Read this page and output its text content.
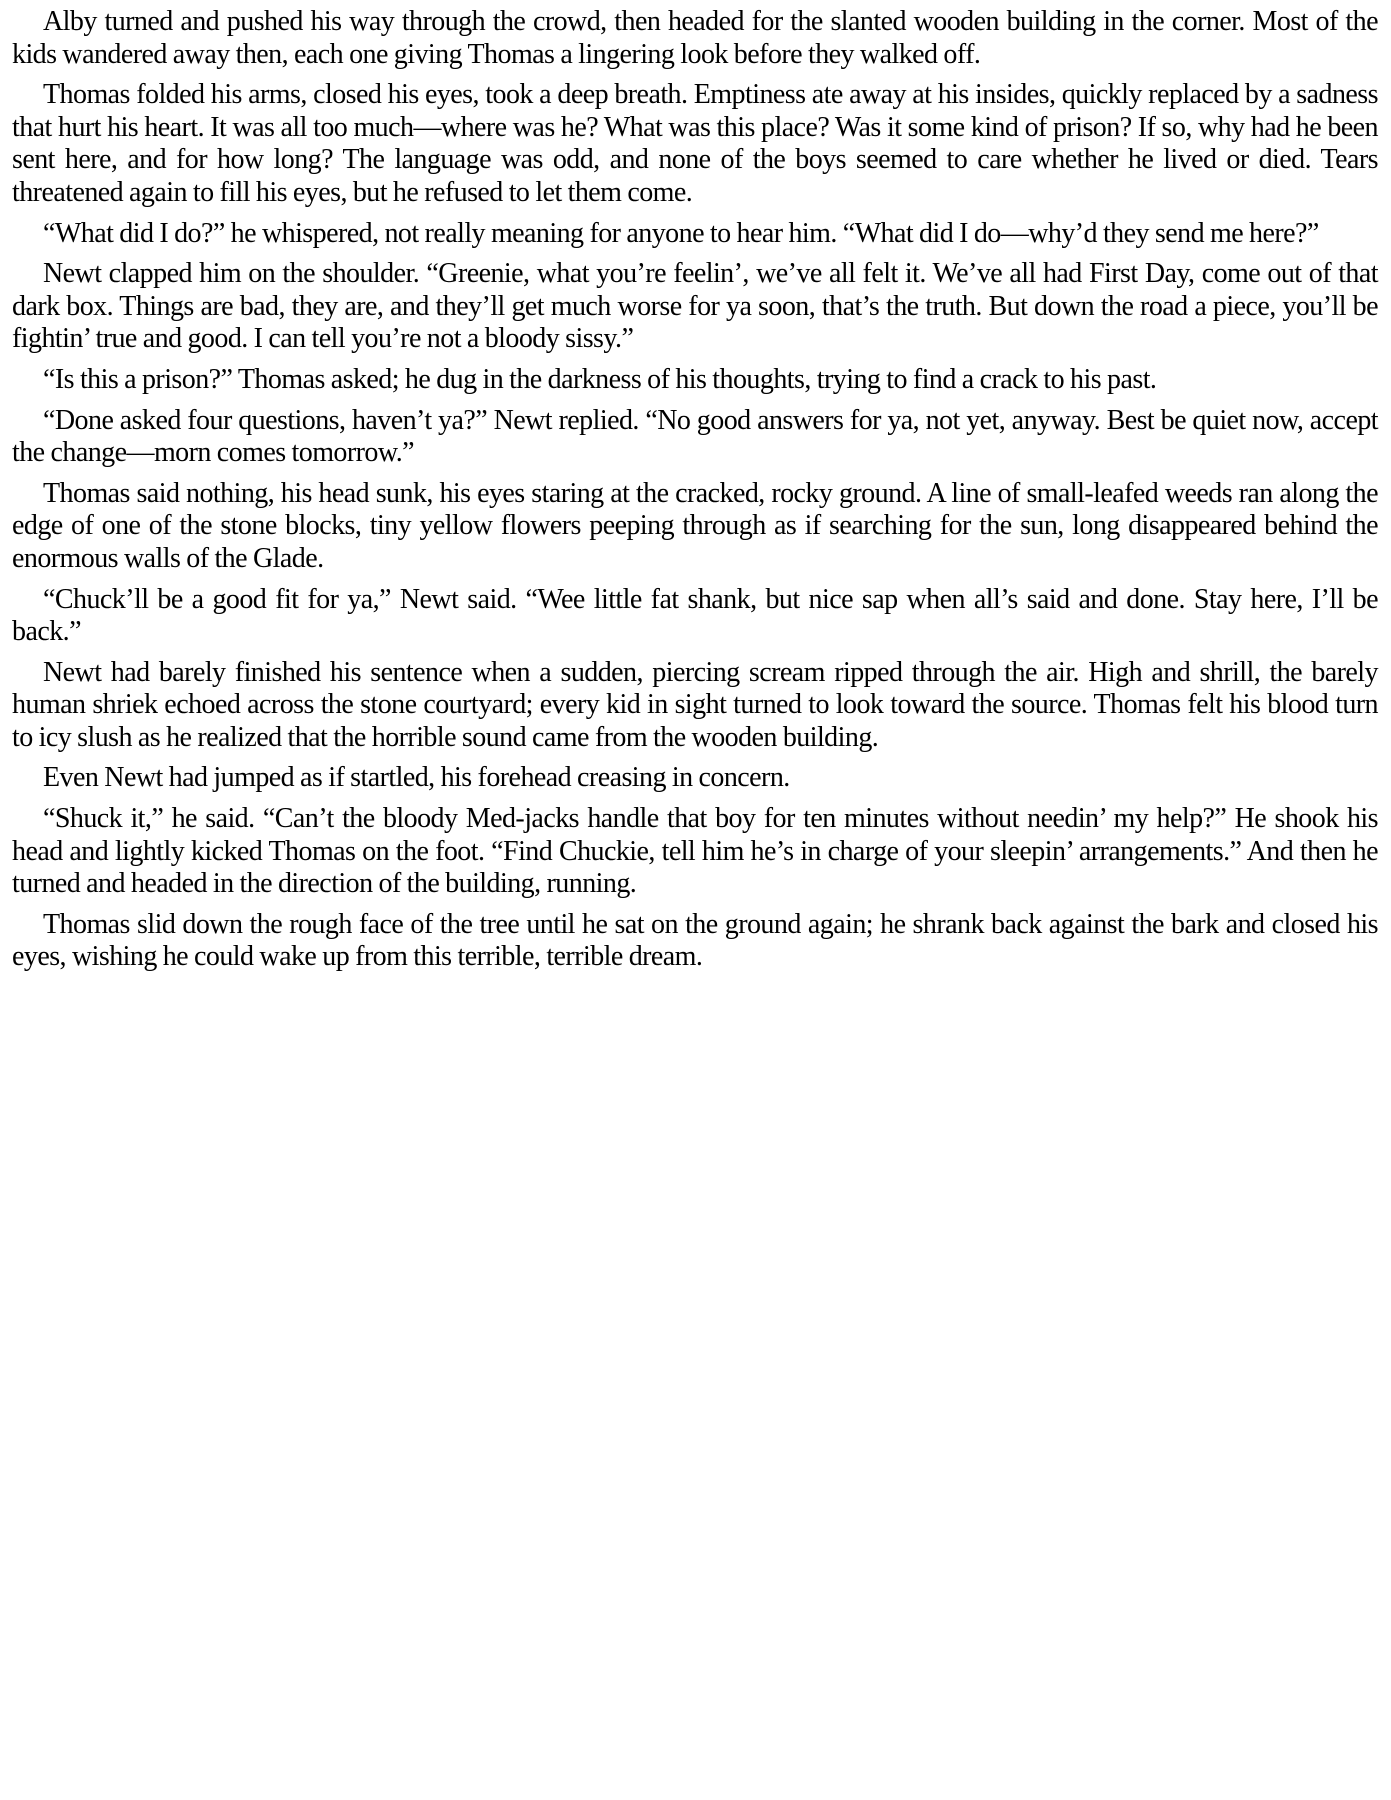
Alby turned and pushed his way through the crowd, then headed for the slanted wooden building in the corner. Most of the kids wandered away then, each one giving Thomas a lingering look before they walked off.

Thomas folded his arms, closed his eyes, took a deep breath. Emptiness ate away at his insides, quickly replaced by a sadness that hurt his heart. It was all too much—where was he? What was this place? Was it some kind of prison? If so, why had he been sent here, and for how long? The language was odd, and none of the boys seemed to care whether he lived or died. Tears threatened again to fill his eyes, but he refused to let them come.

“What did I do?” he whispered, not really meaning for anyone to hear him. “What did I do—why’d they send me here?”

Newt clapped him on the shoulder. “Greenie, what you’re feelin’, we’ve all felt it. We’ve all had First Day, come out of that dark box. Things are bad, they are, and they’ll get much worse for ya soon, that’s the truth. But down the road a piece, you’ll be fightin’ true and good. I can tell you’re not a bloody sissy.”

“Is this a prison?” Thomas asked; he dug in the darkness of his thoughts, trying to find a crack to his past.

“Done asked four questions, haven’t ya?” Newt replied. “No good answers for ya, not yet, anyway. Best be quiet now, accept the change—morn comes tomorrow.”

Thomas said nothing, his head sunk, his eyes staring at the cracked, rocky ground. A line of small-leafed weeds ran along the edge of one of the stone blocks, tiny yellow flowers peeping through as if searching for the sun, long disappeared behind the enormous walls of the Glade.

“Chuck’ll be a good fit for ya,” Newt said. “Wee little fat shank, but nice sap when all’s said and done. Stay here, I’ll be back.”

Newt had barely finished his sentence when a sudden, piercing scream ripped through the air. High and shrill, the barely human shriek echoed across the stone courtyard; every kid in sight turned to look toward the source. Thomas felt his blood turn to icy slush as he realized that the horrible sound came from the wooden building.

Even Newt had jumped as if startled, his forehead creasing in concern.

“Shuck it,” he said. “Can’t the bloody Med-jacks handle that boy for ten minutes without needin’ my help?” He shook his head and lightly kicked Thomas on the foot. “Find Chuckie, tell him he’s in charge of your sleepin’ arrangements.” And then he turned and headed in the direction of the building, running.

Thomas slid down the rough face of the tree until he sat on the ground again; he shrank back against the bark and closed his eyes, wishing he could wake up from this terrible, terrible dream.
